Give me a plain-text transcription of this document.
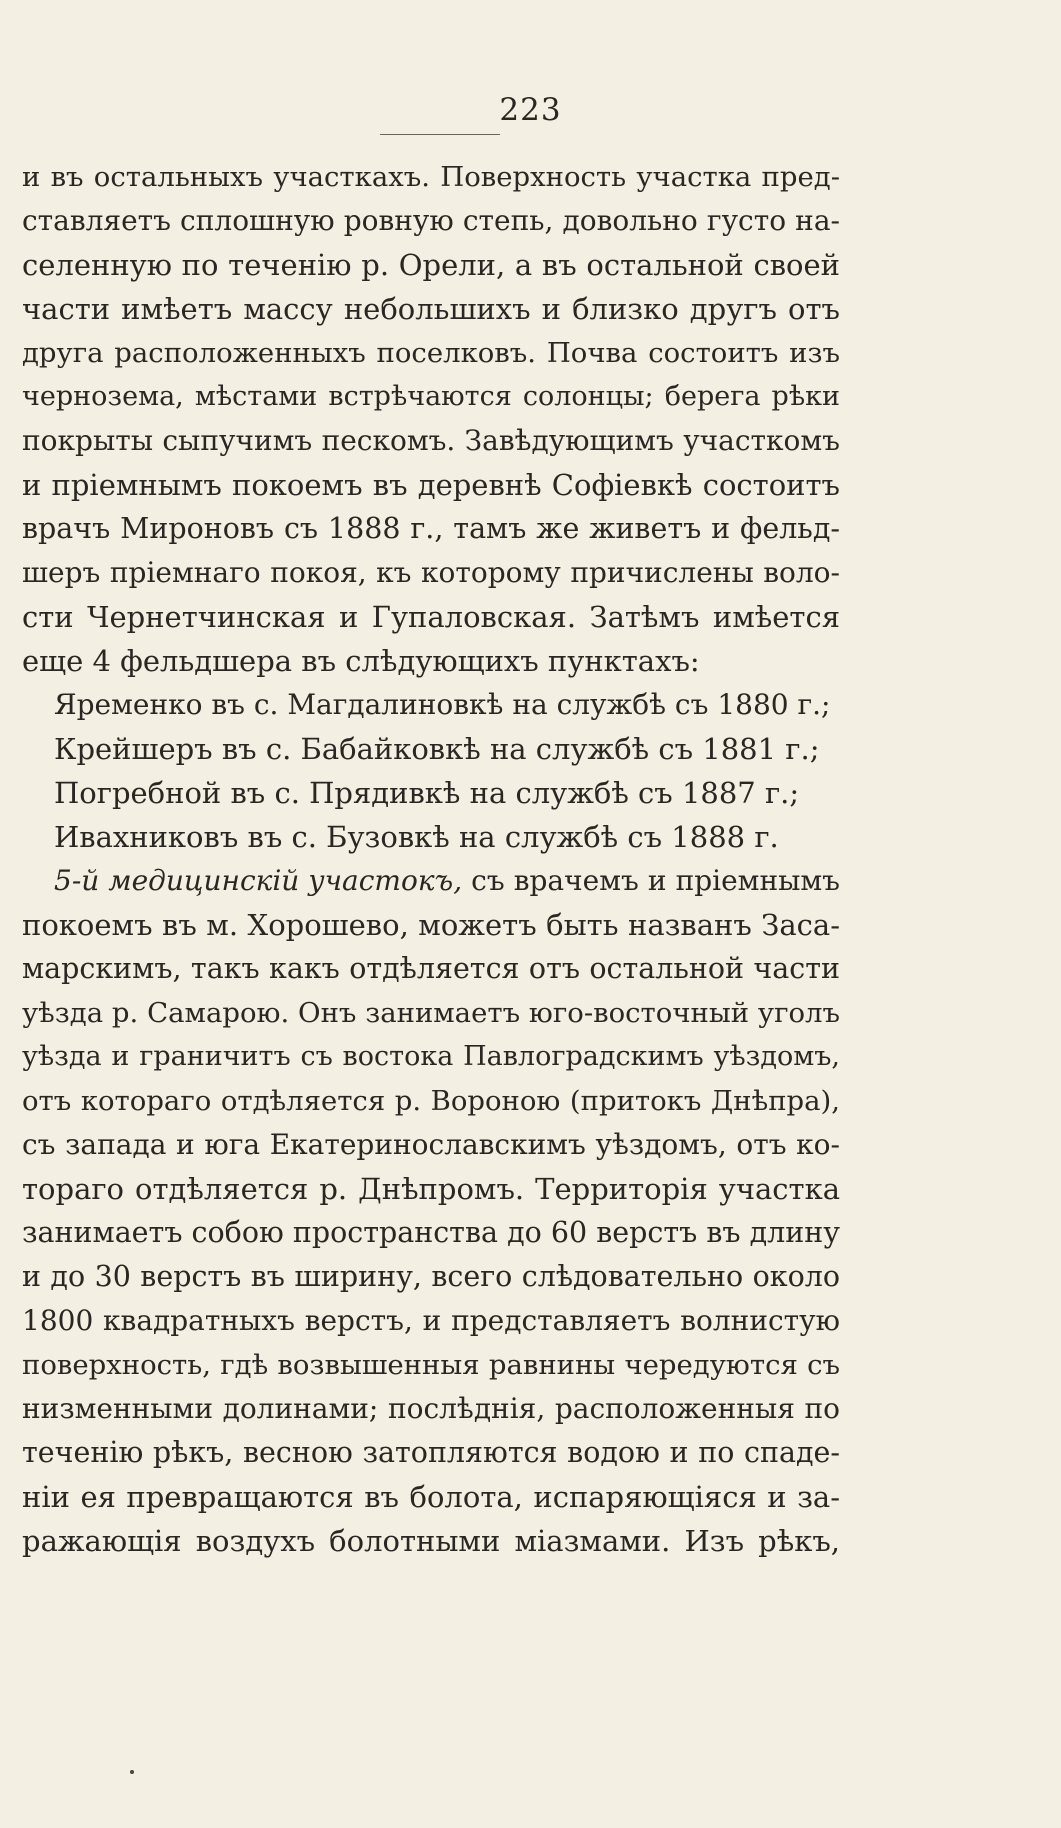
223
и въ остальныхъ участкахъ. Поверхность участка пред-
ставляетъ сплошную ровную степь, довольно густо на-
селенную по теченію р. Орели, а въ остальной своей
части имѣетъ массу небольшихъ и близко другъ отъ
друга расположенныхъ поселковъ. Почва состоитъ изъ
чернозема, мѣстами встрѣчаются солонцы; берега рѣки
покрыты сыпучимъ пескомъ. Завѣдующимъ участкомъ
и пріемнымъ покоемъ въ деревнѣ Софіевкѣ состоитъ
врачъ Мироновъ съ 1888 г., тамъ же живетъ и фельд-
шеръ пріемнаго покоя, къ которому причислены воло-
сти Чернетчинская и Гупаловская. Затѣмъ имѣется
еще 4 фельдшера въ слѣдующихъ пунктахъ:
Яременко въ с. Магдалиновкѣ на службѣ съ 1880 г.;
Крейшеръ въ с. Бабайковкѣ на службѣ съ 1881 г.;
Погребной въ с. Прядивкѣ на службѣ съ 1887 г.;
Ивахниковъ въ с. Бузовкѣ на службѣ съ 1888 г.
5-й медицинскій участокъ, съ врачемъ и пріемнымъ
покоемъ въ м. Хорошево, можетъ быть названъ Заса-
марскимъ, такъ какъ отдѣляется отъ остальной части
уѣзда р. Самарою. Онъ занимаетъ юго-восточный уголъ
уѣзда и граничитъ съ востока Павлоградскимъ уѣздомъ,
отъ котораго отдѣляется р. Вороною (притокъ Днѣпра),
съ запада и юга Екатеринославскимъ уѣздомъ, отъ ко-
тораго отдѣляется р. Днѣпромъ. Территорія участка
занимаетъ собою пространства до 60 верстъ въ длину
и до 30 верстъ въ ширину, всего слѣдовательно около
1800 квадратныхъ верстъ, и представляетъ волнистую
поверхность, гдѣ возвышенныя равнины чередуются съ
низменными долинами; послѣднія, расположенныя по
теченію рѣкъ, весною затопляются водою и по спаде-
ніи ея превращаются въ болота, испаряющіяся и за-
ражающія воздухъ болотными міазмами. Изъ рѣкъ,
